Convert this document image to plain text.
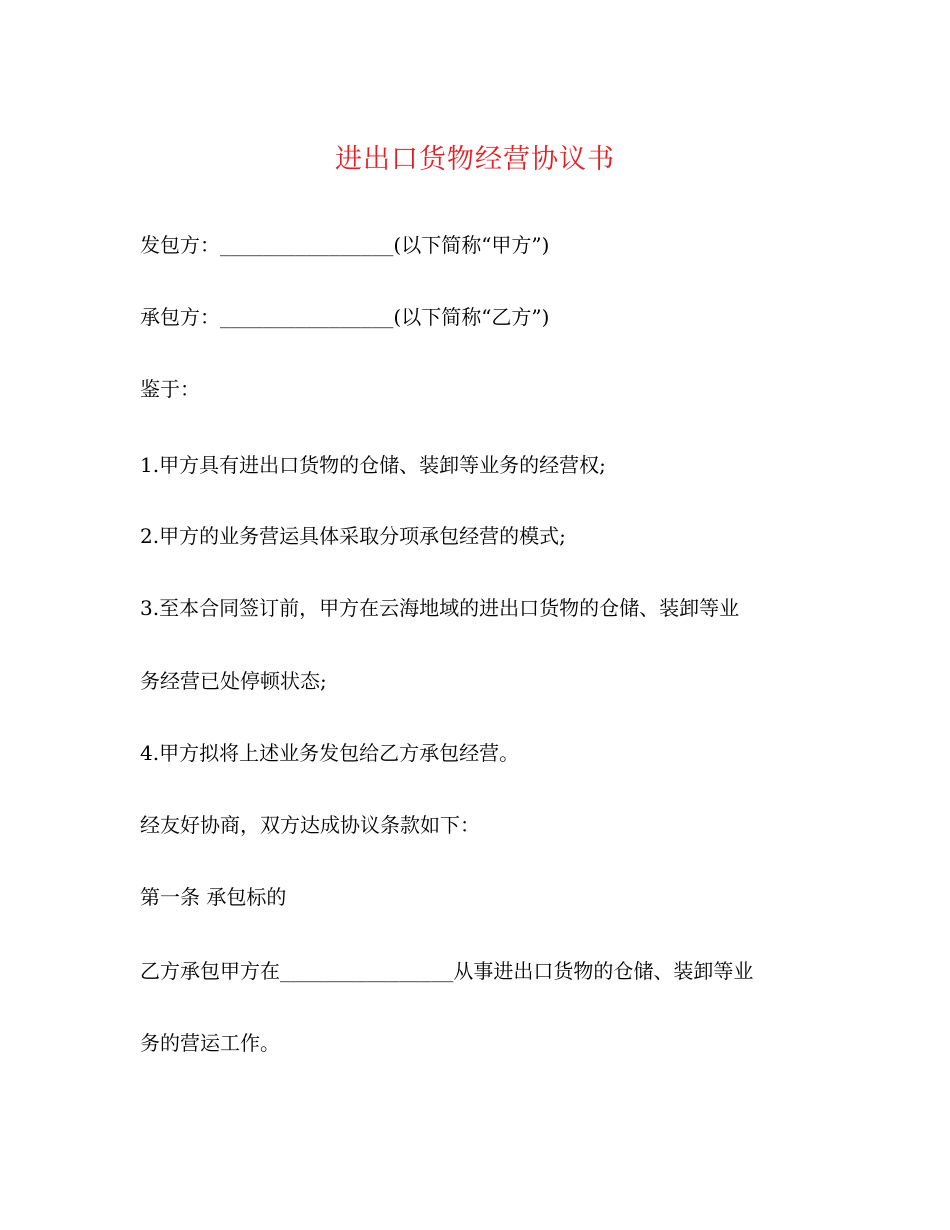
进出口货物经营协议书
发包方：________________(以下简称“甲方”)
承包方：________________(以下简称“乙方”)
鉴于：
1.甲方具有进出口货物的仓储、装卸等业务的经营权;
2.甲方的业务营运具体采取分项承包经营的模式;
3.至本合同签订前，甲方在云海地域的进出口货物的仓储、装卸等业
务经营已处停顿状态;
4.甲方拟将上述业务发包给乙方承包经营。
经友好协商，双方达成协议条款如下：
第一条 承包标的
乙方承包甲方在________________从事进出口货物的仓储、装卸等业
务的营运工作。
